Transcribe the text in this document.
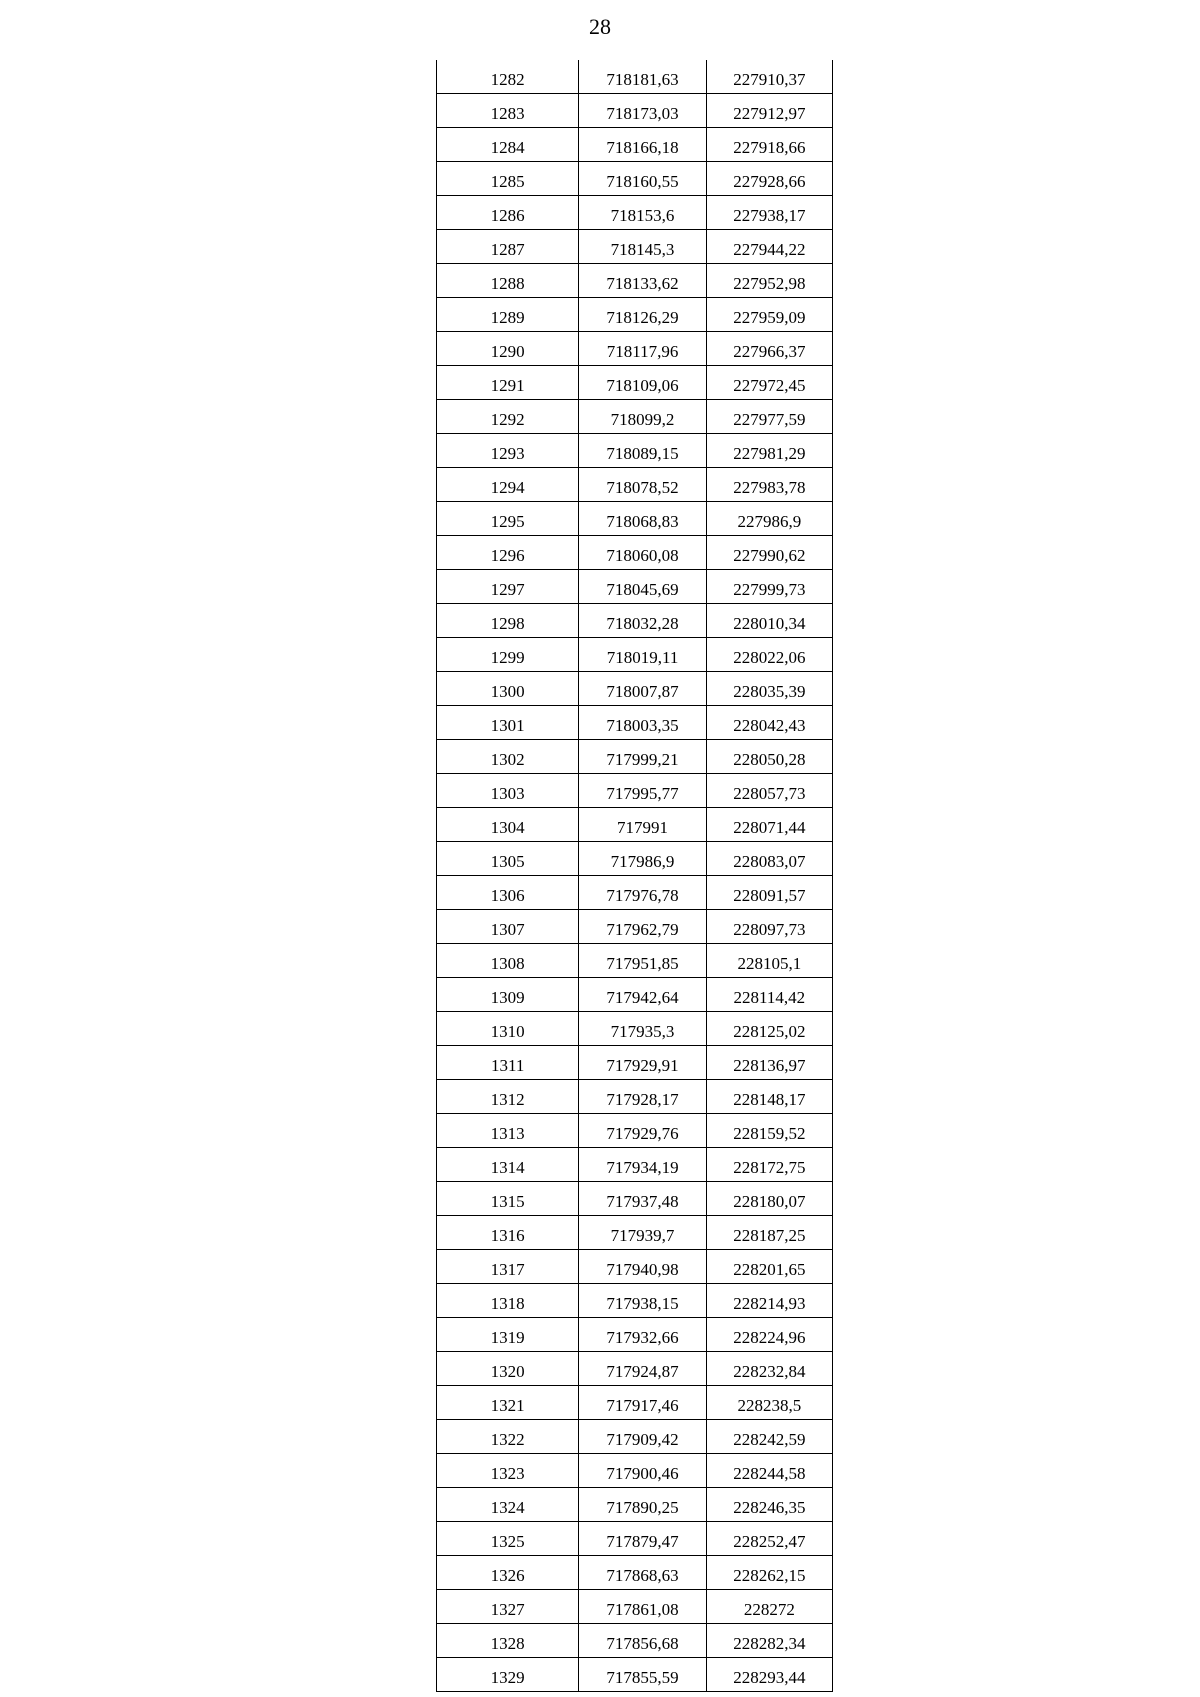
28
1282	718181,63	227910,37
1283	718173,03	227912,97
1284	718166,18	227918,66
1285	718160,55	227928,66
1286	718153,6	227938,17
1287	718145,3	227944,22
1288	718133,62	227952,98
1289	718126,29	227959,09
1290	718117,96	227966,37
1291	718109,06	227972,45
1292	718099,2	227977,59
1293	718089,15	227981,29
1294	718078,52	227983,78
1295	718068,83	227986,9
1296	718060,08	227990,62
1297	718045,69	227999,73
1298	718032,28	228010,34
1299	718019,11	228022,06
1300	718007,87	228035,39
1301	718003,35	228042,43
1302	717999,21	228050,28
1303	717995,77	228057,73
1304	717991	228071,44
1305	717986,9	228083,07
1306	717976,78	228091,57
1307	717962,79	228097,73
1308	717951,85	228105,1
1309	717942,64	228114,42
1310	717935,3	228125,02
1311	717929,91	228136,97
1312	717928,17	228148,17
1313	717929,76	228159,52
1314	717934,19	228172,75
1315	717937,48	228180,07
1316	717939,7	228187,25
1317	717940,98	228201,65
1318	717938,15	228214,93
1319	717932,66	228224,96
1320	717924,87	228232,84
1321	717917,46	228238,5
1322	717909,42	228242,59
1323	717900,46	228244,58
1324	717890,25	228246,35
1325	717879,47	228252,47
1326	717868,63	228262,15
1327	717861,08	228272
1328	717856,68	228282,34
1329	717855,59	228293,44
